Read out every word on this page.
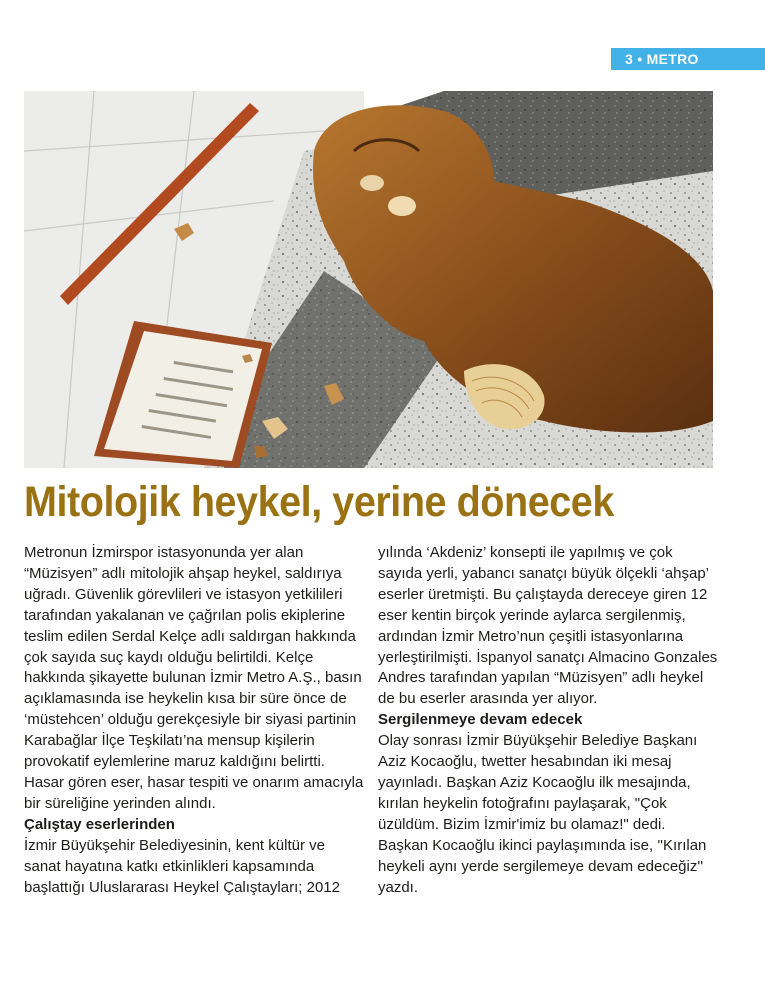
3 • METRO
Mitolojik heykel, yerine dönecek

Metronun İzmirspor istasyonunda yer alan “Müzisyen” adlı mitolojik ahşap heykel, saldırıya uğradı. Güvenlik görevlileri ve istasyon yetkilileri tarafından yakalanan ve çağrılan polis ekiplerine teslim edilen Serdal Kelçe adlı saldırgan hakkında çok sayıda suç kaydı olduğu belirtildi. Kelçe hakkında şikayette bulunan İzmir Metro A.Ş., basın açıklamasında ise heykelin kısa bir süre önce de ‘müstehcen’ olduğu gerekçesiyle bir siyasi partinin Karabağlar İlçe Teşkilatı’na mensup kişilerin provokatif eylemlerine maruz kaldığını belirtti. Hasar gören eser, hasar tespiti ve onarım amacıyla bir süreliğine yerinden alındı.

Çalıştay eserlerinden

İzmir Büyükşehir Belediyesinin, kent kültür ve sanat hayatına katkı etkinlikleri kapsamında başlattığı Uluslararası Heykel Çalıştayları; 2012

yılında ‘Akdeniz’ konsepti ile yapılmış ve çok sayıda yerli, yabancı sanatçı büyük ölçekli ‘ahşap’ eserler üretmişti. Bu çalıştayda dereceye giren 12 eser kentin birçok yerinde aylarca sergilenmiş, ardından İzmir Metro’nun çeşitli istasyonlarına yerleştirilmişti. İspanyol sanatçı Almacino Gonzales Andres tarafından yapılan “Müzisyen” adlı heykel de bu eserler arasında yer alıyor.

Sergilenmeye devam edecek

Olay sonrası İzmir Büyükşehir Belediye Başkanı Aziz Kocaoğlu, twetter hesabından iki mesaj yayınladı. Başkan Aziz Kocaoğlu ilk mesajında, kırılan heykelin fotoğrafını paylaşarak, "Çok üzüldüm. Bizim İzmir'imiz bu olamaz!" dedi. Başkan Kocaoğlu ikinci paylaşımında ise, ''Kırılan heykeli aynı yerde sergilemeye devam edeceğiz'' yazdı.
